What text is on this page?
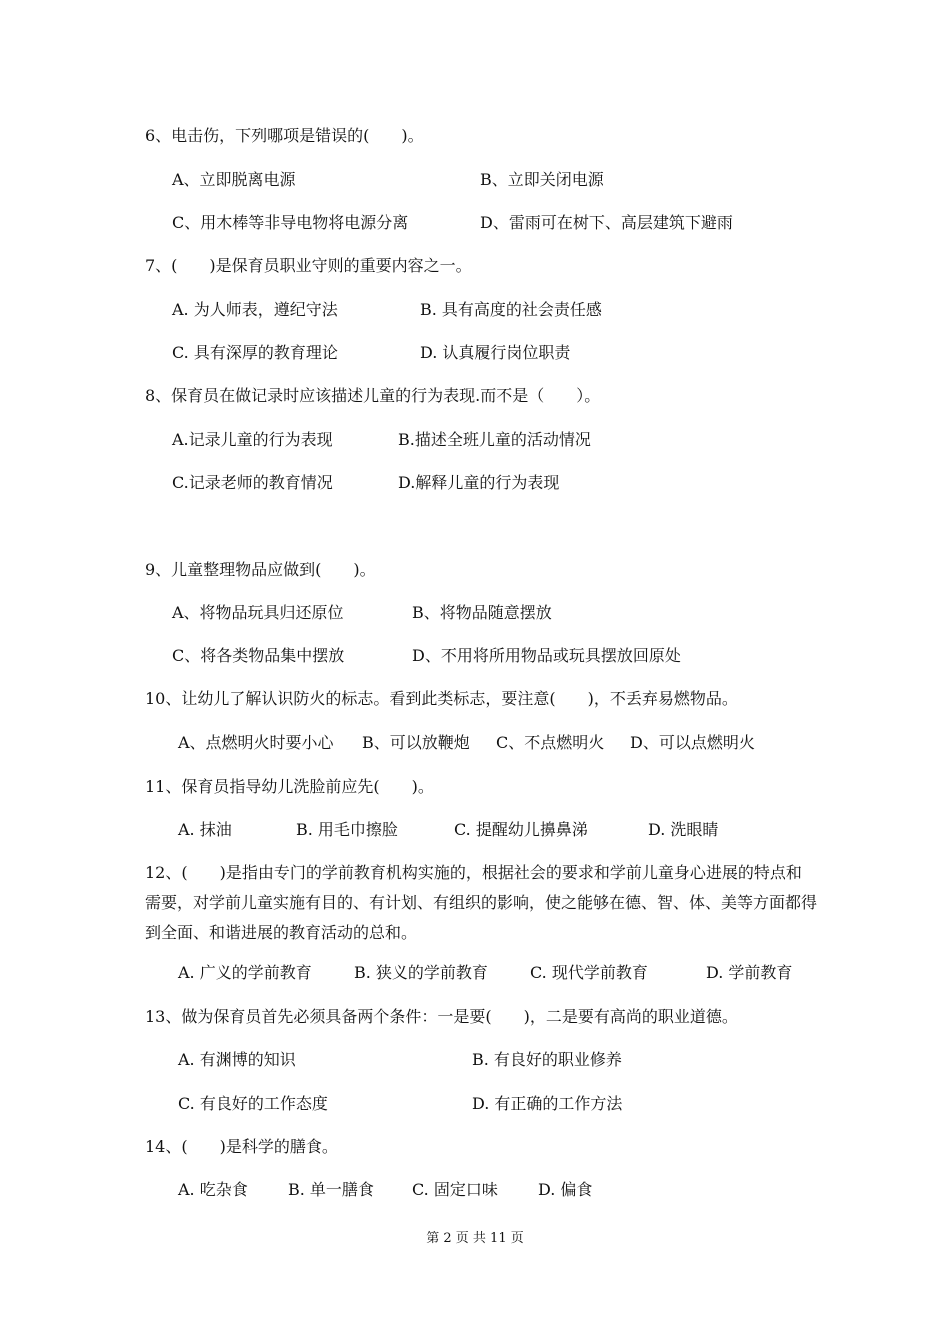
6、电击伤，下列哪项是错误的(　　)。
A、立即脱离电源	B、立即关闭电源
C、用木棒等非导电物将电源分离	D、雷雨可在树下、高层建筑下避雨
7、(　　)是保育员职业守则的重要内容之一。
A. 为人师表，遵纪守法	B. 具有高度的社会责任感
C. 具有深厚的教育理论	D. 认真履行岗位职责
8、保育员在做记录时应该描述儿童的行为表现.而不是（　　）。
A.记录儿童的行为表现	B.描述全班儿童的活动情况
C.记录老师的教育情况	D.解释儿童的行为表现
9、儿童整理物品应做到(　　)。
A、将物品玩具归还原位	B、将物品随意摆放
C、将各类物品集中摆放	D、不用将所用物品或玩具摆放回原处
10、让幼儿了解认识防火的标志。看到此类标志，要注意(　　)，不丢弃易燃物品。
A、点燃明火时要小心 B、可以放鞭炮 C、不点燃明火 D、可以点燃明火
11、保育员指导幼儿洗脸前应先(　　)。
A. 抹油	B. 用毛巾擦脸	C. 提醒幼儿擤鼻涕	D. 洗眼睛
12、(　　)是指由专门的学前教育机构实施的，根据社会的要求和学前儿童身心进展的特点和需要，对学前儿童实施有目的、有计划、有组织的影响，使之能够在德、智、体、美等方面都得到全面、和谐进展的教育活动的总和。
A. 广义的学前教育	B. 狭义的学前教育	C. 现代学前教育	D. 学前教育
13、做为保育员首先必须具备两个条件：一是要(　　)，二是要有高尚的职业道德。
A. 有渊博的知识	B. 有良好的职业修养
C. 有良好的工作态度	D. 有正确的工作方法
14、(　　)是科学的膳食。
A. 吃杂食	B. 单一膳食 C. 固定口味	D. 偏食
第 2 页 共 11 页
